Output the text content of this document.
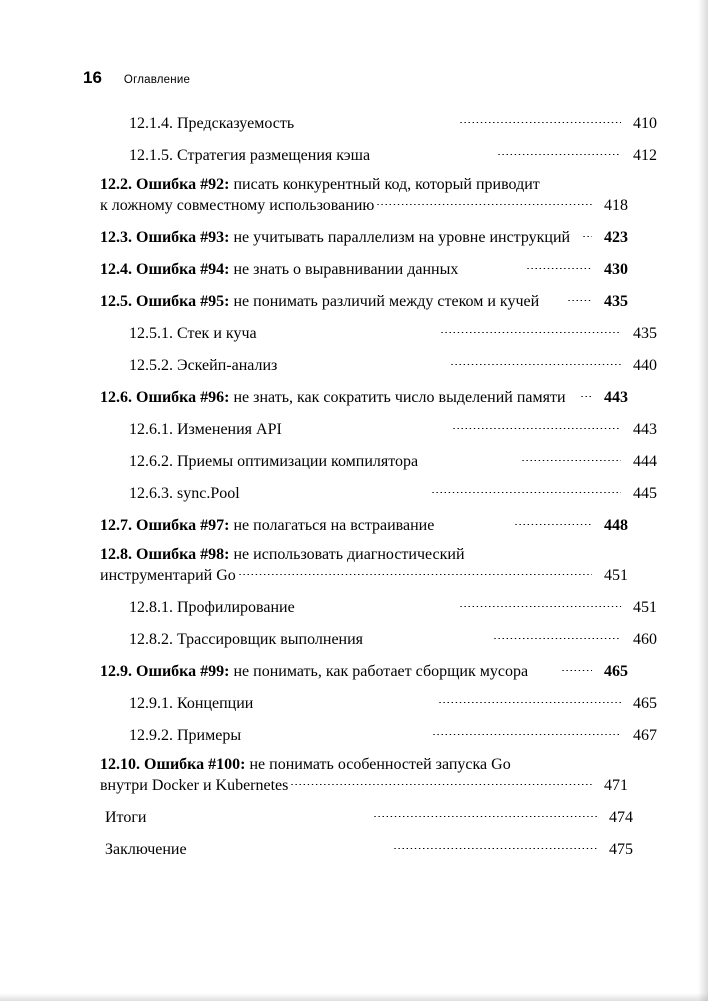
16 Оглавление
12.1.4. Предсказуемость	410
12.1.5. Стратегия размещения кэша	412
12.2. Ошибка #92: писать конкурентный код, который приводит
к ложному совместному использованию	418
12.3. Ошибка #93: не учитывать параллелизм на уровне инструкций	423
12.4. Ошибка #94: не знать о выравнивании данных	430
12.5. Ошибка #95: не понимать различий между стеком и кучей	435
12.5.1. Стек и куча	435
12.5.2. Эскейп-анализ	440
12.6. Ошибка #96: не знать, как сократить число выделений памяти	443
12.6.1. Изменения API	443
12.6.2. Приемы оптимизации компилятора	444
12.6.3. sync.Pool	445
12.7. Ошибка #97: не полагаться на встраивание	448
12.8. Ошибка #98: не использовать диагностический
инструментарий Go	451
12.8.1. Профилирование	451
12.8.2. Трассировщик выполнения	460
12.9. Ошибка #99: не понимать, как работает сборщик мусора	465
12.9.1. Концепции	465
12.9.2. Примеры	467
12.10. Ошибка #100: не понимать особенностей запуска Go
внутри Docker и Kubernetes	471
Итоги	474
Заключение	475
